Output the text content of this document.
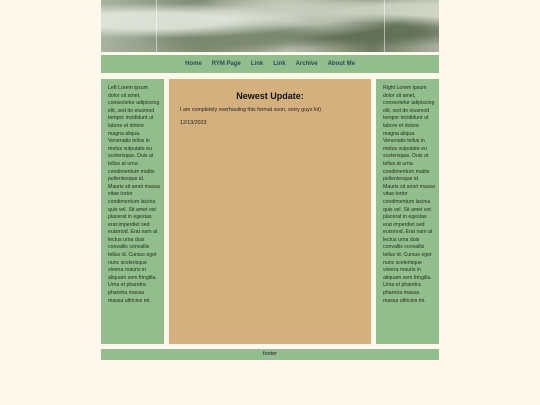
Home RYM Page Link Link Archive About Me
Left Lorem ipsum dolor sit amet, consectetur adipiscing elit, sed do eiusmod tempor incididunt ut labore et dolore magna aliqua. Venenatis tellus in metus vulputate eu scelerisque. Duis at tellus at urna condimentum mattis pellentesque id. Mauris sit amet massa vitae tortor condimentum lacinia quis vel. Sit amet est placerat in egestas erat imperdiet sed euismod. Erat nam at lectus urna duis convallis convallis tellus id. Cursus eget nunc scelerisque viverra mauris in aliquam sem fringilla. Urna et pharetra pharetra massa massa ultricies mi.
Newest Update:

I am completely overhauling this format soon, sorry guys lol)

12/13/2023

Right Lorem ipsum dolor sit amet, consectetur adipiscing elit, sed do eiusmod tempor incididunt ut labore et dolore magna aliqua. Venenatis tellus in metus vulputate eu scelerisque. Duis at tellus at urna condimentum mattis pellentesque id. Mauris sit amet massa vitae tortor condimentum lacinia quis vel. Sit amet est placerat in egestas erat imperdiet sed euismod. Erat nam at lectus urna duis convallis convallis tellus id. Cursus eget nunc scelerisque viverra mauris in aliquam sem fringilla. Urna et pharetra pharetra massa massa ultricies mi.
footer
